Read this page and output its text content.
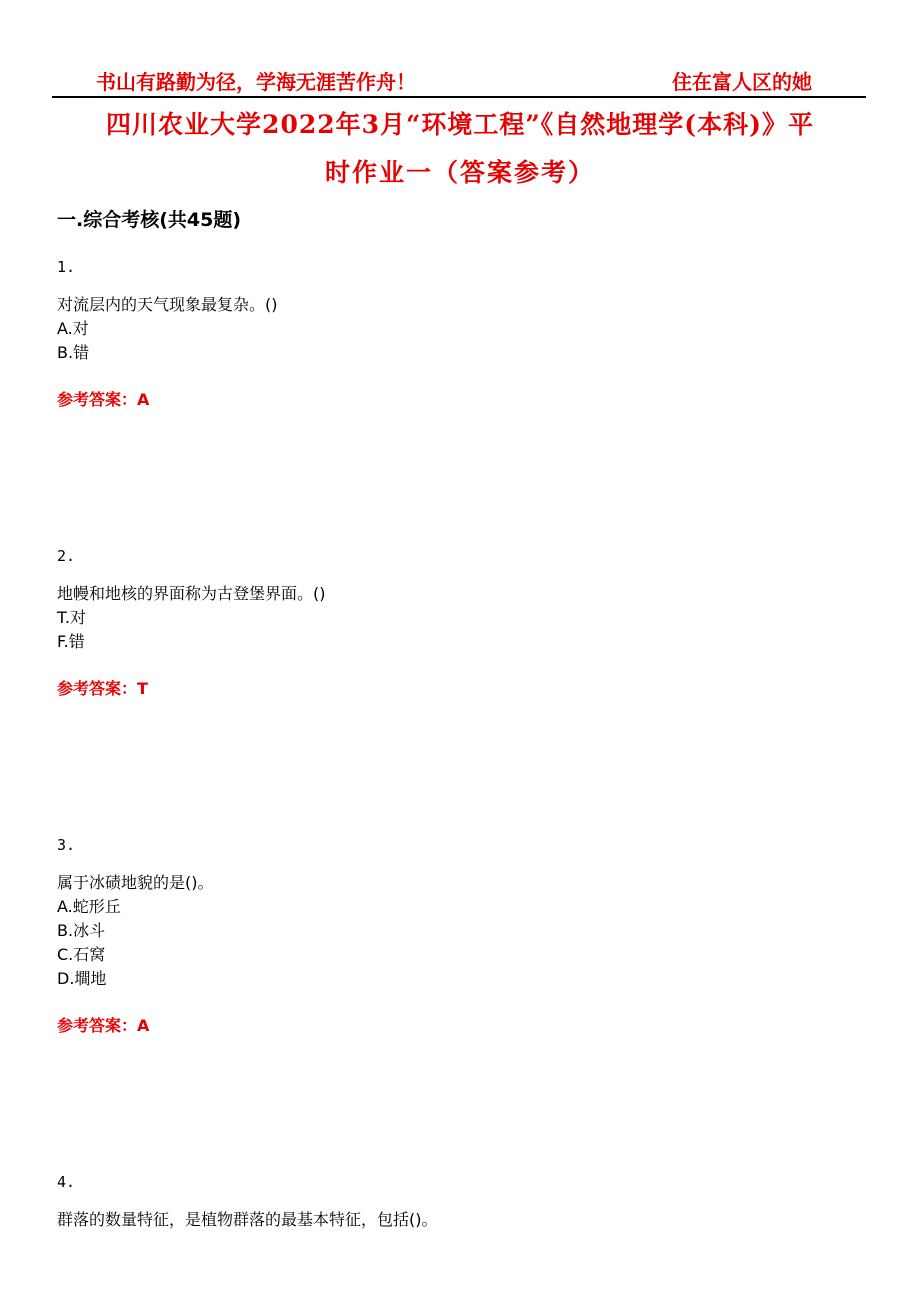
书山有路勤为径，学海无涯苦作舟！	住在富人区的她
四川农业大学2022年3月“环境工程”《自然地理学(本科)》平
时作业一（答案参考）
一.综合考核(共45题)
1.
对流层内的天气现象最复杂。()
A.对
B.错
参考答案：A
2.
地幔和地核的界面称为古登堡界面。()
T.对
F.错
参考答案：T
3.
属于冰碛地貌的是()。
A.蛇形丘
B.冰斗
C.石窝
D.墹地
参考答案：A
4.
群落的数量特征，是植物群落的最基本特征，包括()。
